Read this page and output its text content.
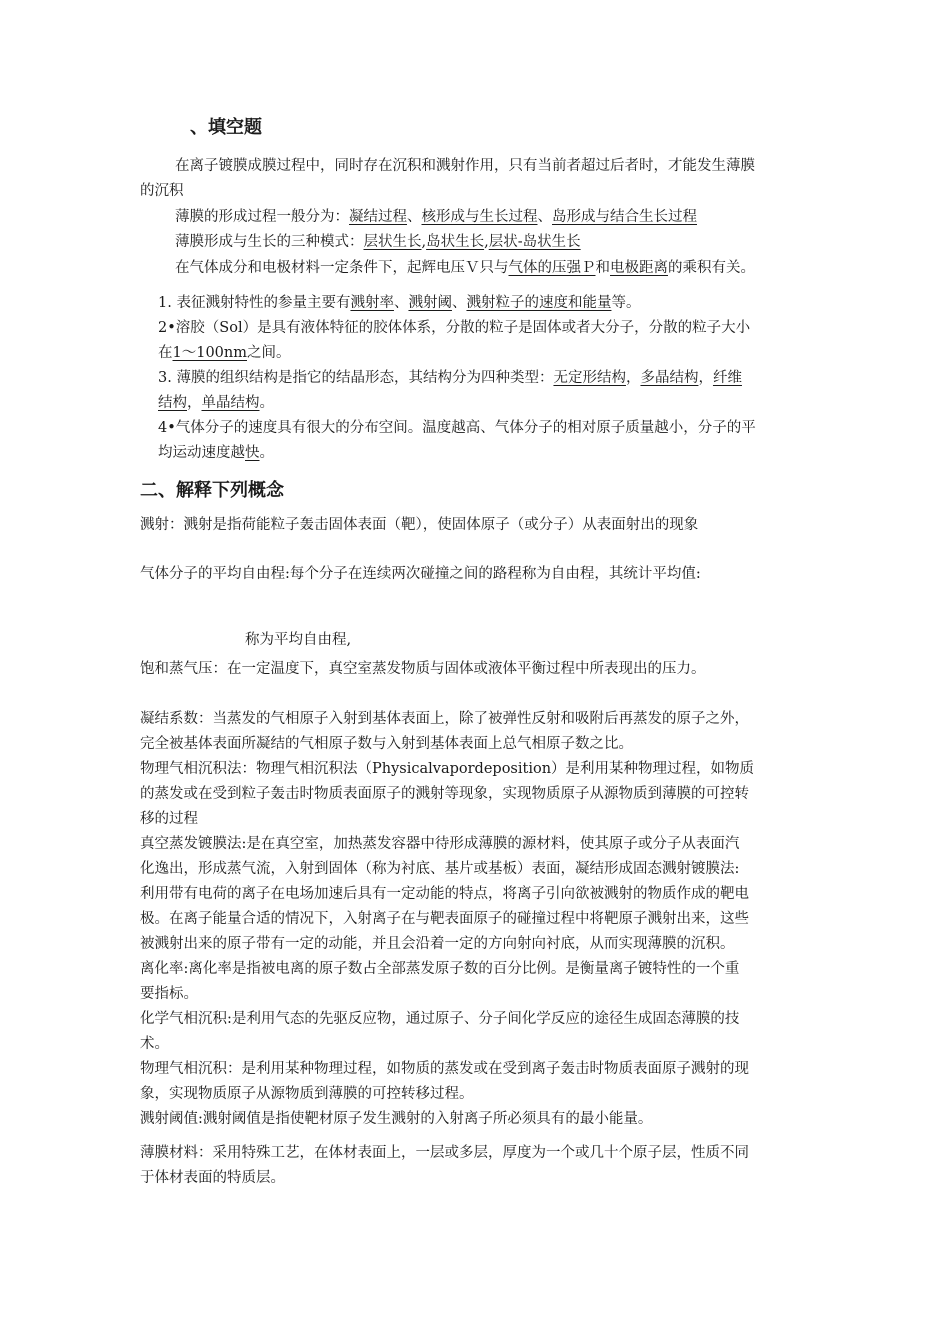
、填空题
在离子镀膜成膜过程中，同时存在沉积和溅射作用，只有当前者超过后者时，才能发生薄膜
的沉积
薄膜的形成过程一般分为：凝结过程、核形成与生长过程、岛形成与结合生长过程
薄膜形成与生长的三种模式：层状生长,岛状生长,层状-岛状生长
在气体成分和电极材料一定条件下，起辉电压Ｖ只与气体的压强Ｐ和电极距离的乘积有关。
1. 表征溅射特性的参量主要有溅射率、溅射阈、溅射粒子的速度和能量等。
2•溶胶（Sol）是具有液体特征的胶体体系，分散的粒子是固体或者大分子，分散的粒子大小
在1〜100nm之间。
3. 薄膜的组织结构是指它的结晶形态，其结构分为四种类型：无定形结构，多晶结构，纤维
结构，单晶结构。
4•气体分子的速度具有很大的分布空间。温度越高、气体分子的相对原子质量越小，分子的平
均运动速度越快。
二、解释下列概念
溅射：溅射是指荷能粒子轰击固体表面（靶），使固体原子（或分子）从表面射出的现象
气体分子的平均自由程:每个分子在连续两次碰撞之间的路程称为自由程，其统计平均值:
称为平均自由程,
饱和蒸气压：在一定温度下，真空室蒸发物质与固体或液体平衡过程中所表现出的压力。
凝结系数：当蒸发的气相原子入射到基体表面上，除了被弹性反射和吸附后再蒸发的原子之外，
完全被基体表面所凝结的气相原子数与入射到基体表面上总气相原子数之比。
物理气相沉积法：物理气相沉积法（Physicalvapordeposition）是利用某种物理过程，如物质
的蒸发或在受到粒子轰击时物质表面原子的溅射等现象，实现物质原子从源物质到薄膜的可控转
移的过程
真空蒸发镀膜法:是在真空室，加热蒸发容器中待形成薄膜的源材料，使其原子或分子从表面汽
化逸出，形成蒸气流，入射到固体（称为衬底、基片或基板）表面，凝结形成固态溅射镀膜法:
利用带有电荷的离子在电场加速后具有一定动能的特点，将离子引向欲被溅射的物质作成的靶电
极。在离子能量合适的情况下，入射离子在与靶表面原子的碰撞过程中将靶原子溅射出来，这些
被溅射出来的原子带有一定的动能，并且会沿着一定的方向射向衬底，从而实现薄膜的沉积。
离化率:离化率是指被电离的原子数占全部蒸发原子数的百分比例。是衡量离子镀特性的一个重
要指标。
化学气相沉积:是利用气态的先驱反应物，通过原子、分子间化学反应的途径生成固态薄膜的技
术。
物理气相沉积：是利用某种物理过程，如物质的蒸发或在受到离子轰击时物质表面原子溅射的现
象，实现物质原子从源物质到薄膜的可控转移过程。
溅射阈值:溅射阈值是指使靶材原子发生溅射的入射离子所必须具有的最小能量。
薄膜材料：采用特殊工艺，在体材表面上，一层或多层，厚度为一个或几十个原子层，性质不同
于体材表面的特质层。
